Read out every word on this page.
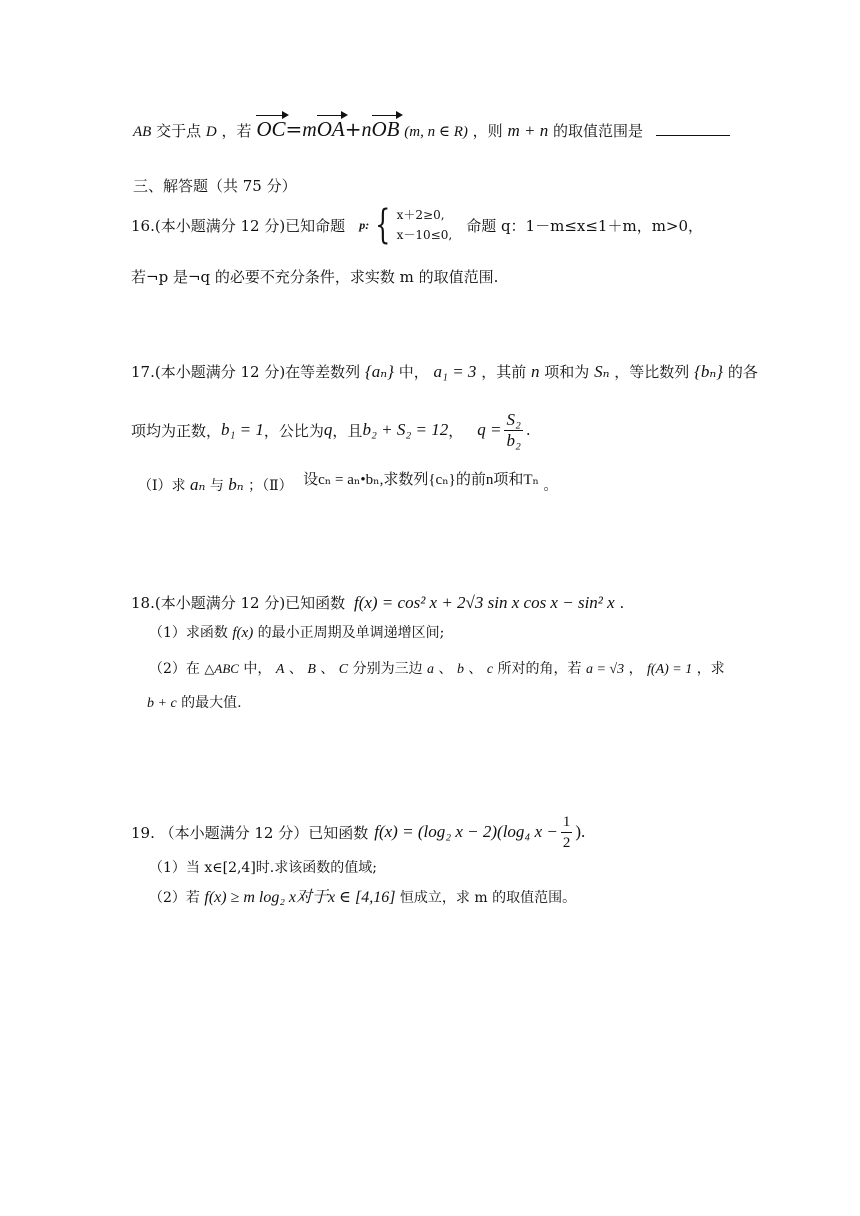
AB 交于点 D ，若 OC=mOA+nOB (m, n ∈ R) ，则 m + n 的取值范围是
三、解答题（共 75 分）
16.(本小题满分 12 分)已知命题 p: { x＋2≥0,
x－10≤0,
命题 q：1－m≤x≤1＋m，m>0，
若¬p 是¬q 的必要不充分条件，求实数 m 的取值范围.
17.(本小题满分 12 分)在等差数列 {aₙ} 中， a₁ = 3 ，其前 n 项和为 Sₙ ，等比数列 {bₙ} 的各
项均为正数， b₁ = 1 ，公比为 q ，且 b₂ + S₂ = 12 ， $q = \frac{\text{S₂}}{\text{b₂}}$ .
（Ⅰ）求 aₙ 与 bₙ ；（Ⅱ） 设cₙ = aₙ•bₙ,求数列{cₙ}的前n项和Tₙ 。
18.(本小题满分 12 分)已知函数 f(x) = cos² x + 2√3 sin x cos x − sin² x .
（1）求函数 f(x) 的最小正周期及单调递增区间;
（2）在 △ABC 中， A 、 B 、 C 分别为三边 a 、 b 、 c 所对的角，若 a = √3 ， f(A) = 1 ，求
b + c 的最大值.
19. （本小题满分 12 分）已知函数 f(x) = (log₂ x − 2)(log₄ $x - \frac{1}{2}$ ).
（1）当 x∈[2,4]时.求该函数的值域;
（2）若 f(x) ≥ m log₂ x对于x ∈ [4,16] 恒成立，求 m 的取值范围。
